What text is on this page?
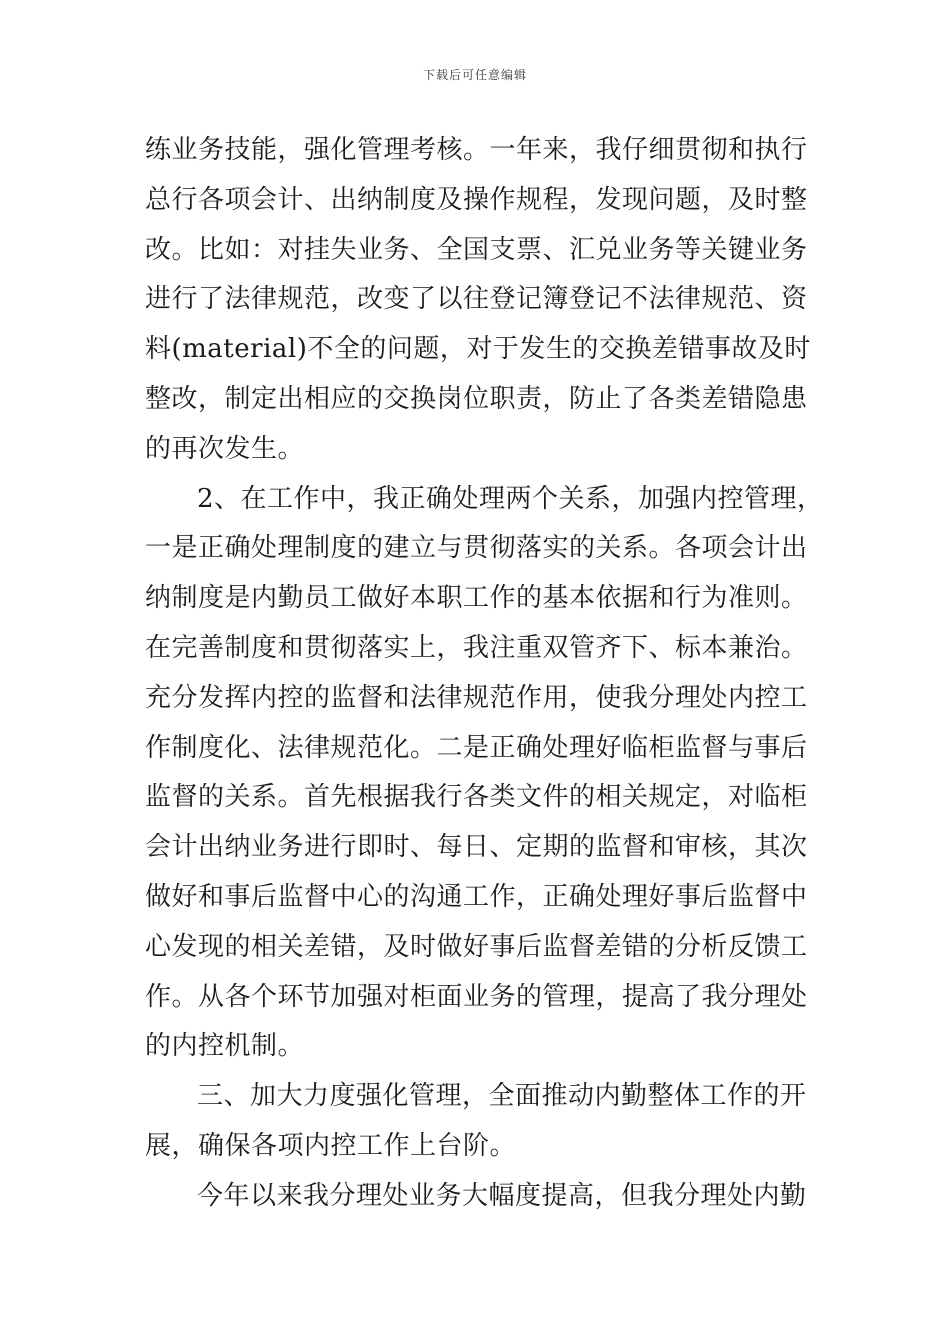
下载后可任意编辑
练业务技能，强化管理考核。一年来，我仔细贯彻和执行
总行各项会计、出纳制度及操作规程，发现问题，及时整
改。比如：对挂失业务、全国支票、汇兑业务等关键业务
进行了法律规范，改变了以往登记簿登记不法律规范、资
料(material)不全的问题，对于发生的交换差错事故及时
整改，制定出相应的交换岗位职责，防止了各类差错隐患
的再次发生。
2、在工作中，我正确处理两个关系，加强内控管理，
一是正确处理制度的建立与贯彻落实的关系。各项会计出
纳制度是内勤员工做好本职工作的基本依据和行为准则。
在完善制度和贯彻落实上，我注重双管齐下、标本兼治。
充分发挥内控的监督和法律规范作用，使我分理处内控工
作制度化、法律规范化。二是正确处理好临柜监督与事后
监督的关系。首先根据我行各类文件的相关规定，对临柜
会计出纳业务进行即时、每日、定期的监督和审核，其次
做好和事后监督中心的沟通工作，正确处理好事后监督中
心发现的相关差错，及时做好事后监督差错的分析反馈工
作。从各个环节加强对柜面业务的管理，提高了我分理处
的内控机制。
三、加大力度强化管理，全面推动内勤整体工作的开
展，确保各项内控工作上台阶。
今年以来我分理处业务大幅度提高，但我分理处内勤
